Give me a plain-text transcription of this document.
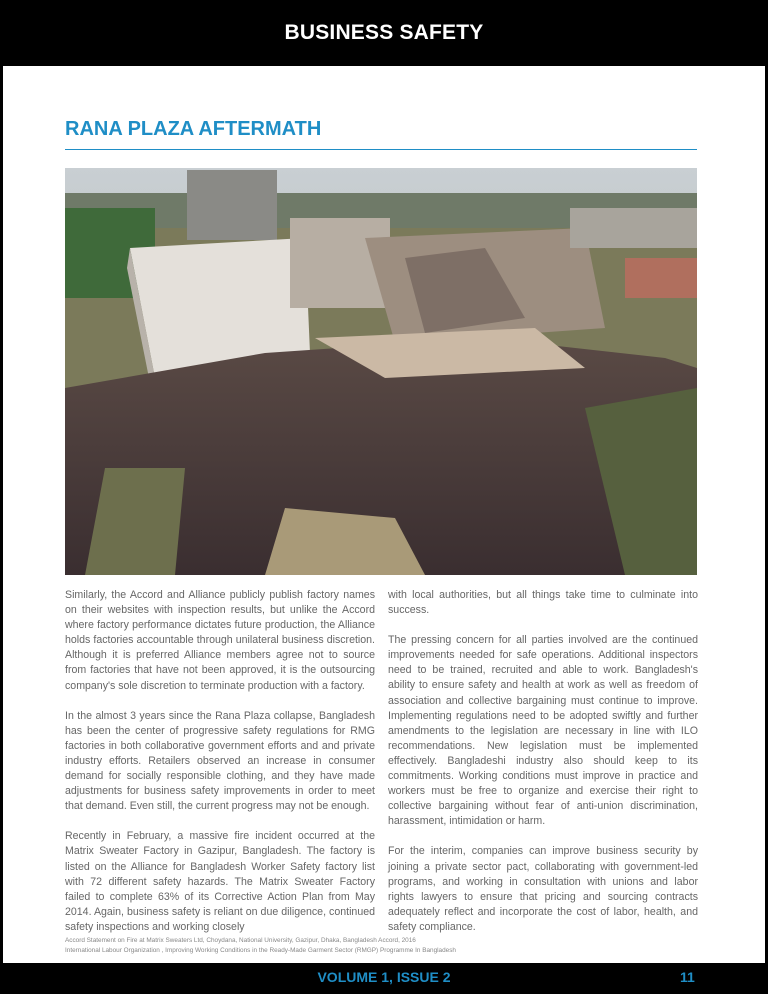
BUSINESS SAFETY
RANA PLAZA AFTERMATH

Similarly, the Accord and Alliance publicly publish factory names on their websites with inspection results, but unlike the Accord where factory performance dictates future production, the Alliance holds factories accountable through unilateral business discretion. Although it is preferred Alliance members agree not to source from factories that have not been approved, it is the outsourcing company's sole discretion to terminate production with a factory.

In the almost 3 years since the Rana Plaza collapse, Bangladesh has been the center of progressive safety regulations for RMG factories in both collaborative government efforts and and private industry efforts. Retailers observed an increase in consumer demand for socially responsible clothing, and they have made adjustments for business safety improvements in order to meet that demand. Even still, the current progress may not be enough.

Recently in February, a massive fire incident occurred at the Matrix Sweater Factory in Gazipur, Bangladesh. The factory is listed on the Alliance for Bangladesh Worker Safety factory list with 72 different safety hazards. The Matrix Sweater Factory failed to complete 63% of its Corrective Action Plan from May 2014. Again, business safety is reliant on due diligence, continued safety inspections and working closely

with local authorities, but all things take time to culminate into success.

The pressing concern for all parties involved are the continued improvements needed for safe operations. Additional inspectors need to be trained, recruited and able to work. Bangladesh's ability to ensure safety and health at work as well as freedom of association and collective bargaining must continue to improve. Implementing regulations need to be adopted swiftly and further amendments to the legislation are necessary in line with ILO recommendations. New legislation must be implemented effectively. Bangladeshi industry also should keep to its commitments. Working conditions must improve in practice and workers must be free to organize and exercise their right to collective bargaining without fear of anti-union discrimination, harassment, intimidation or harm.

For the interim, companies can improve business security by joining a private sector pact, collaborating with government-led programs, and working in consultation with unions and labor rights lawyers to ensure that pricing and sourcing contracts adequately reflect and incorporate the cost of labor, health, and safety compliance.

Accord Statement on Fire at Matrix Sweaters Ltd, Choydana, National University, Gazipur, Dhaka, Bangladesh Accord, 2016
International Labour Organization , Improving Working Conditions in the Ready-Made Garment Sector (RMGP) Programme In Bangladesh
VOLUME 1, ISSUE 2	11
